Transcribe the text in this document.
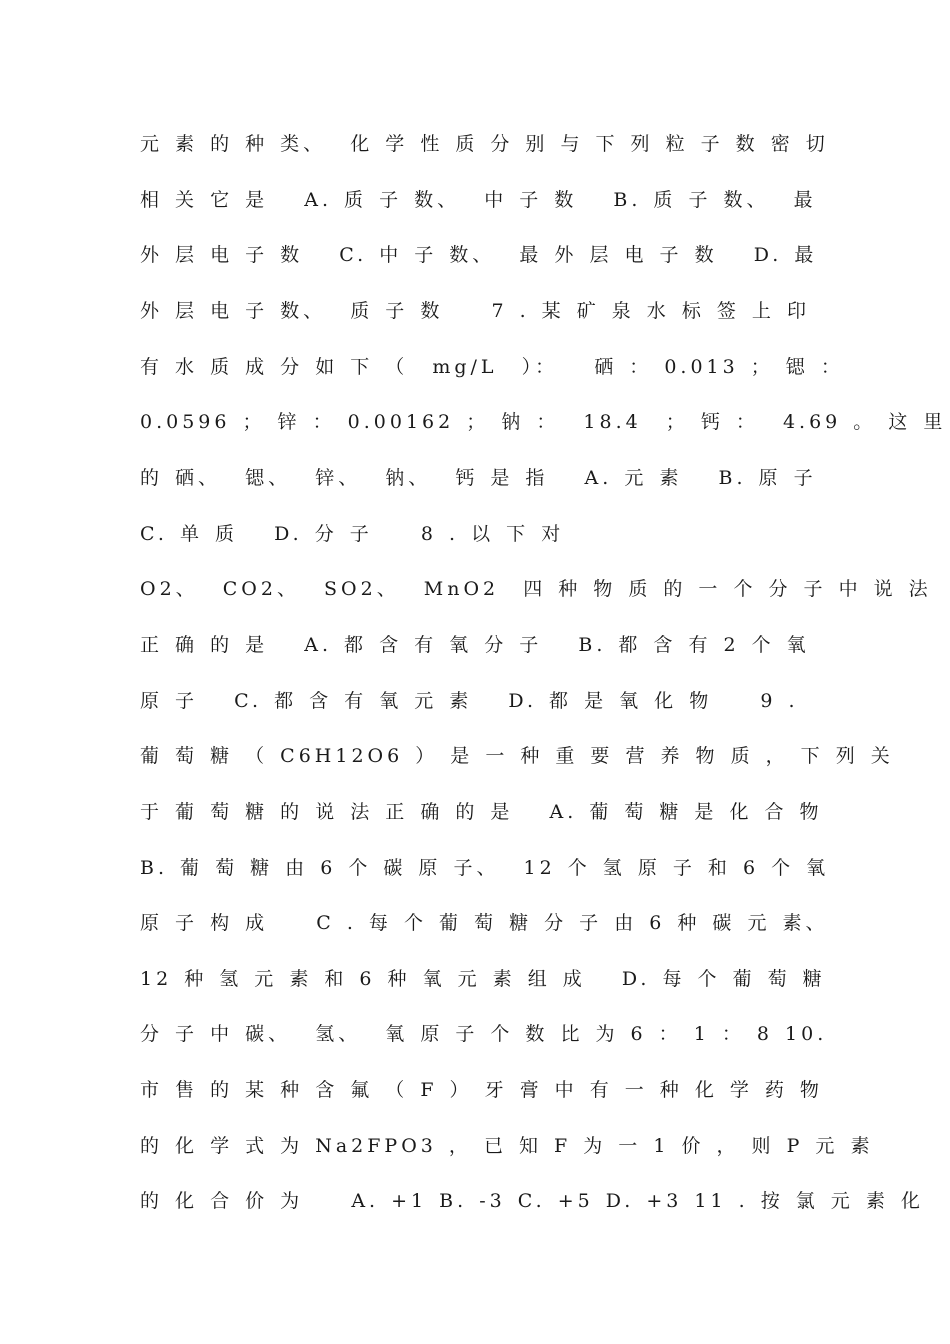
元 素 的 种 类、  化 学 性 质 分 别 与 下 列 粒 子 数 密 切
相 关 它 是   A. 质 子 数、  中 子 数   B. 质 子 数、  最
外 层 电 子 数   C. 中 子 数、  最 外 层 电 子 数   D. 最
外 层 电 子 数、  质 子 数    7 . 某 矿 泉 水 标 签 上 印
有 水 质 成 分 如 下 （  mg/L  ）：   硒 ： 0.013 ； 锶 ：
0.0596 ； 锌 ： 0.00162 ； 钠 ：  18.4  ； 钙 ：  4.69 。 这 里
的 硒、  锶、  锌、  钠、  钙 是 指   A. 元 素   B. 原 子
C. 单 质   D. 分 子    8 . 以 下 对
O2、  CO2、  SO2、  MnO2  四 种 物 质 的 一 个 分 子 中 说 法
正 确 的 是   A. 都 含 有 氧 分 子   B. 都 含 有 2 个 氧
原 子   C. 都 含 有 氧 元 素   D. 都 是 氧 化 物    9 .
葡 萄 糖 （ C6H12O6 ） 是 一 种 重 要 营 养 物 质 ， 下 列 关
于 葡 萄 糖 的 说 法 正 确 的 是   A. 葡 萄 糖 是 化 合 物
B. 葡 萄 糖 由 6 个 碳 原 子、  12 个 氢 原 子 和 6 个 氧
原 子 构 成    C . 每 个 葡 萄 糖 分 子 由 6 种 碳 元 素、
12 种 氢 元 素 和 6 种 氧 元 素 组 成   D. 每 个 葡 萄 糖
分 子 中 碳、  氢、  氧 原 子 个 数 比 为 6 ： 1 ： 8 10.
市 售 的 某 种 含 氟 （ F ） 牙 膏 中 有 一 种 化 学 药 物
的 化 学 式 为 Na2FPO3 ， 已 知 F 为 一 1 价 ， 则 P 元 素
的 化 合 价 为    A. +1 B. -3 C. +5 D. +3 11 . 按 氯 元 素 化
